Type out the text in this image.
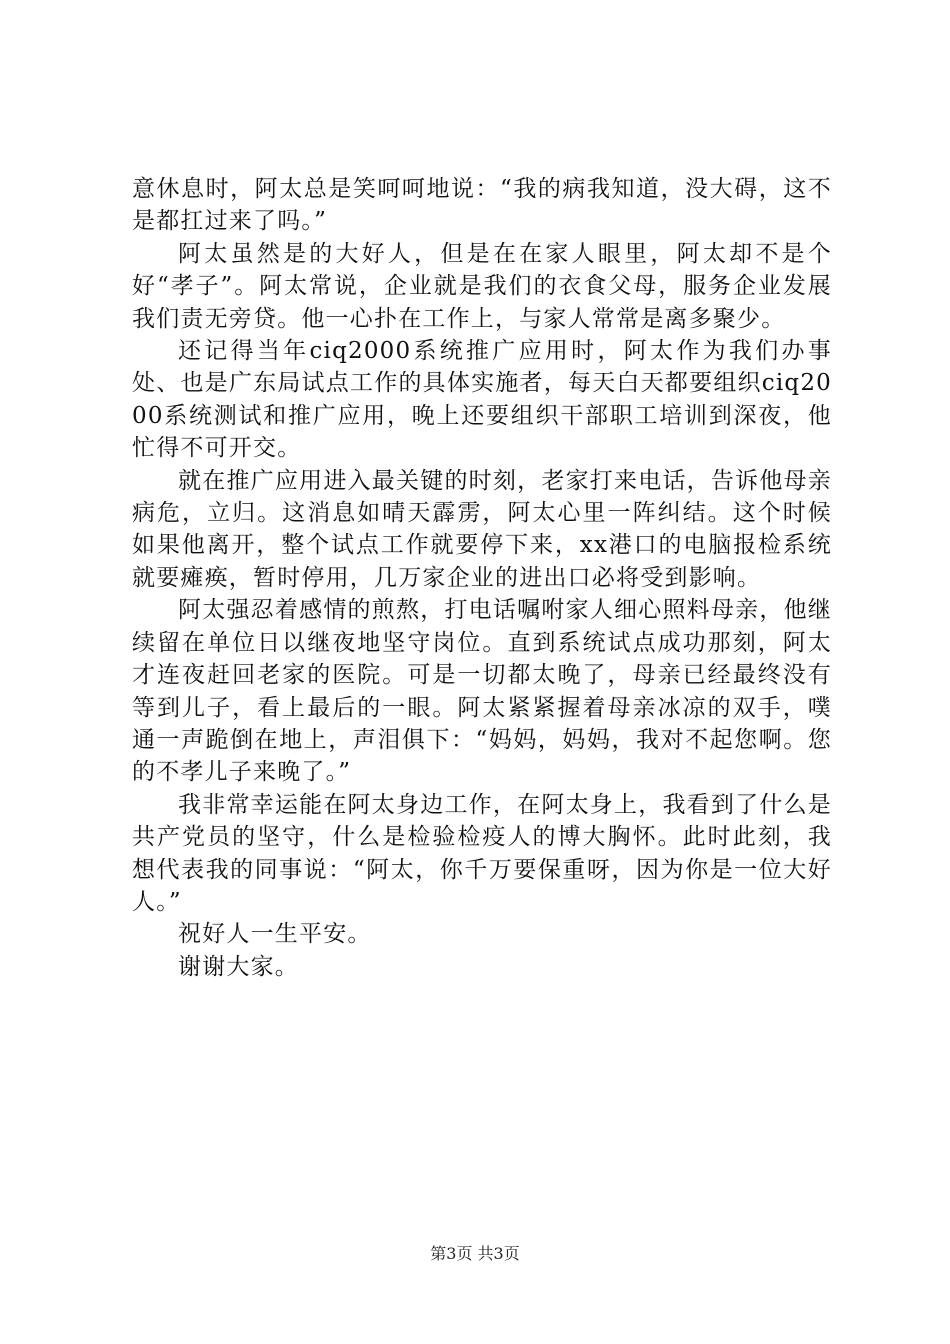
意休息时，阿太总是笑呵呵地说：“我的病我知道，没大碍，这不是都扛过来了吗。”

阿太虽然是的大好人，但是在在家人眼里，阿太却不是个好“孝子”。阿太常说，企业就是我们的衣食父母，服务企业发展我们责无旁贷。他一心扑在工作上，与家人常常是离多聚少。

还记得当年ciq2000系统推广应用时，阿太作为我们办事处、也是广东局试点工作的具体实施者，每天白天都要组织ciq2000系统测试和推广应用，晚上还要组织干部职工培训到深夜，他忙得不可开交。

就在推广应用进入最关键的时刻，老家打来电话，告诉他母亲病危，立归。这消息如晴天霹雳，阿太心里一阵纠结。这个时候如果他离开，整个试点工作就要停下来，xx港口的电脑报检系统就要瘫痪，暂时停用，几万家企业的进出口必将受到影响。

阿太强忍着感情的煎熬，打电话嘱咐家人细心照料母亲，他继续留在单位日以继夜地坚守岗位。直到系统试点成功那刻，阿太才连夜赶回老家的医院。可是一切都太晚了，母亲已经最终没有等到儿子，看上最后的一眼。阿太紧紧握着母亲冰凉的双手，噗通一声跪倒在地上，声泪俱下：“妈妈，妈妈，我对不起您啊。您的不孝儿子来晚了。”

我非常幸运能在阿太身边工作，在阿太身上，我看到了什么是共产党员的坚守，什么是检验检疫人的博大胸怀。此时此刻，我想代表我的同事说：“阿太，你千万要保重呀，因为你是一位大好人。”

祝好人一生平安。

谢谢大家。

第3页 共3页
